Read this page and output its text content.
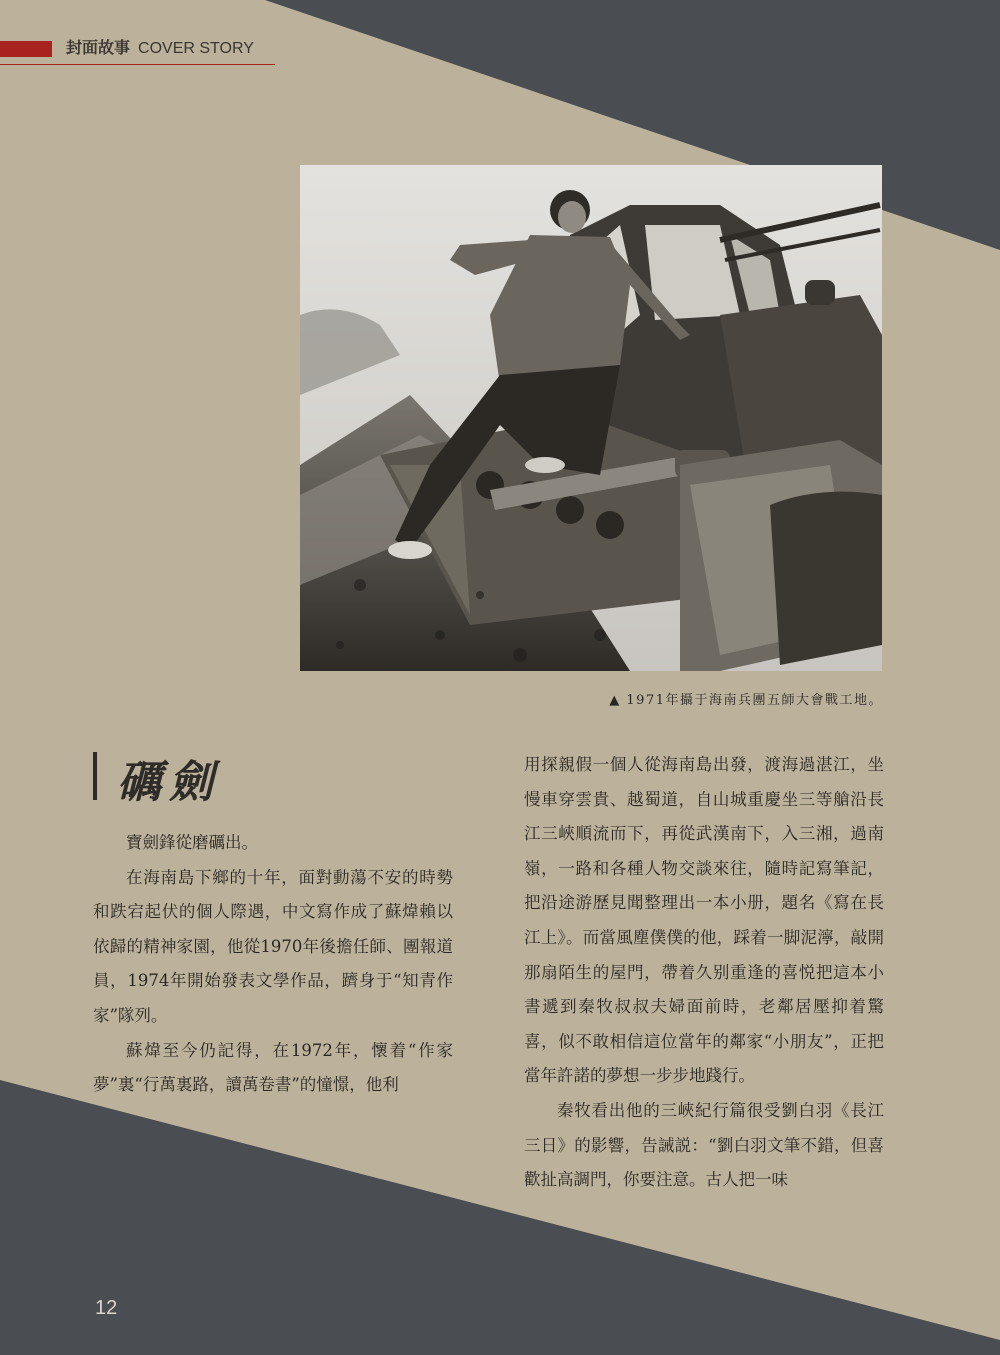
封面故事 COVER STORY
▲ 1971年攝于海南兵團五師大會戰工地。
礪劍

寶劍鋒從磨礪出。

在海南島下鄉的十年，面對動蕩不安的時勢和跌宕起伏的個人際遇，中文寫作成了蘇煒賴以依歸的精神家園，他從1970年後擔任師、團報道員，1974年開始發表文學作品，躋身于“知青作家”隊列。

蘇煒至今仍記得，在1972年，懷着“作家夢”裏“行萬裏路，讀萬卷書”的憧憬，他利

用探親假一個人從海南島出發，渡海過湛江，坐慢車穿雲貴、越蜀道，自山城重慶坐三等艙沿長江三峽順流而下，再從武漢南下，入三湘，過南嶺，一路和各種人物交談來往，隨時記寫筆記，把沿途游歷見聞整理出一本小册，題名《寫在長江上》。而當風塵僕僕的他，踩着一脚泥濘，敲開那扇陌生的屋門，帶着久别重逢的喜悦把這本小書遞到秦牧叔叔夫婦面前時，老鄰居壓抑着驚喜，似不敢相信這位當年的鄰家“小朋友”，正把當年許諾的夢想一步步地踐行。

秦牧看出他的三峽紀行篇很受劉白羽《長江三日》的影響，告誡説：“劉白羽文筆不錯，但喜歡扯高調門，你要注意。古人把一味

12
